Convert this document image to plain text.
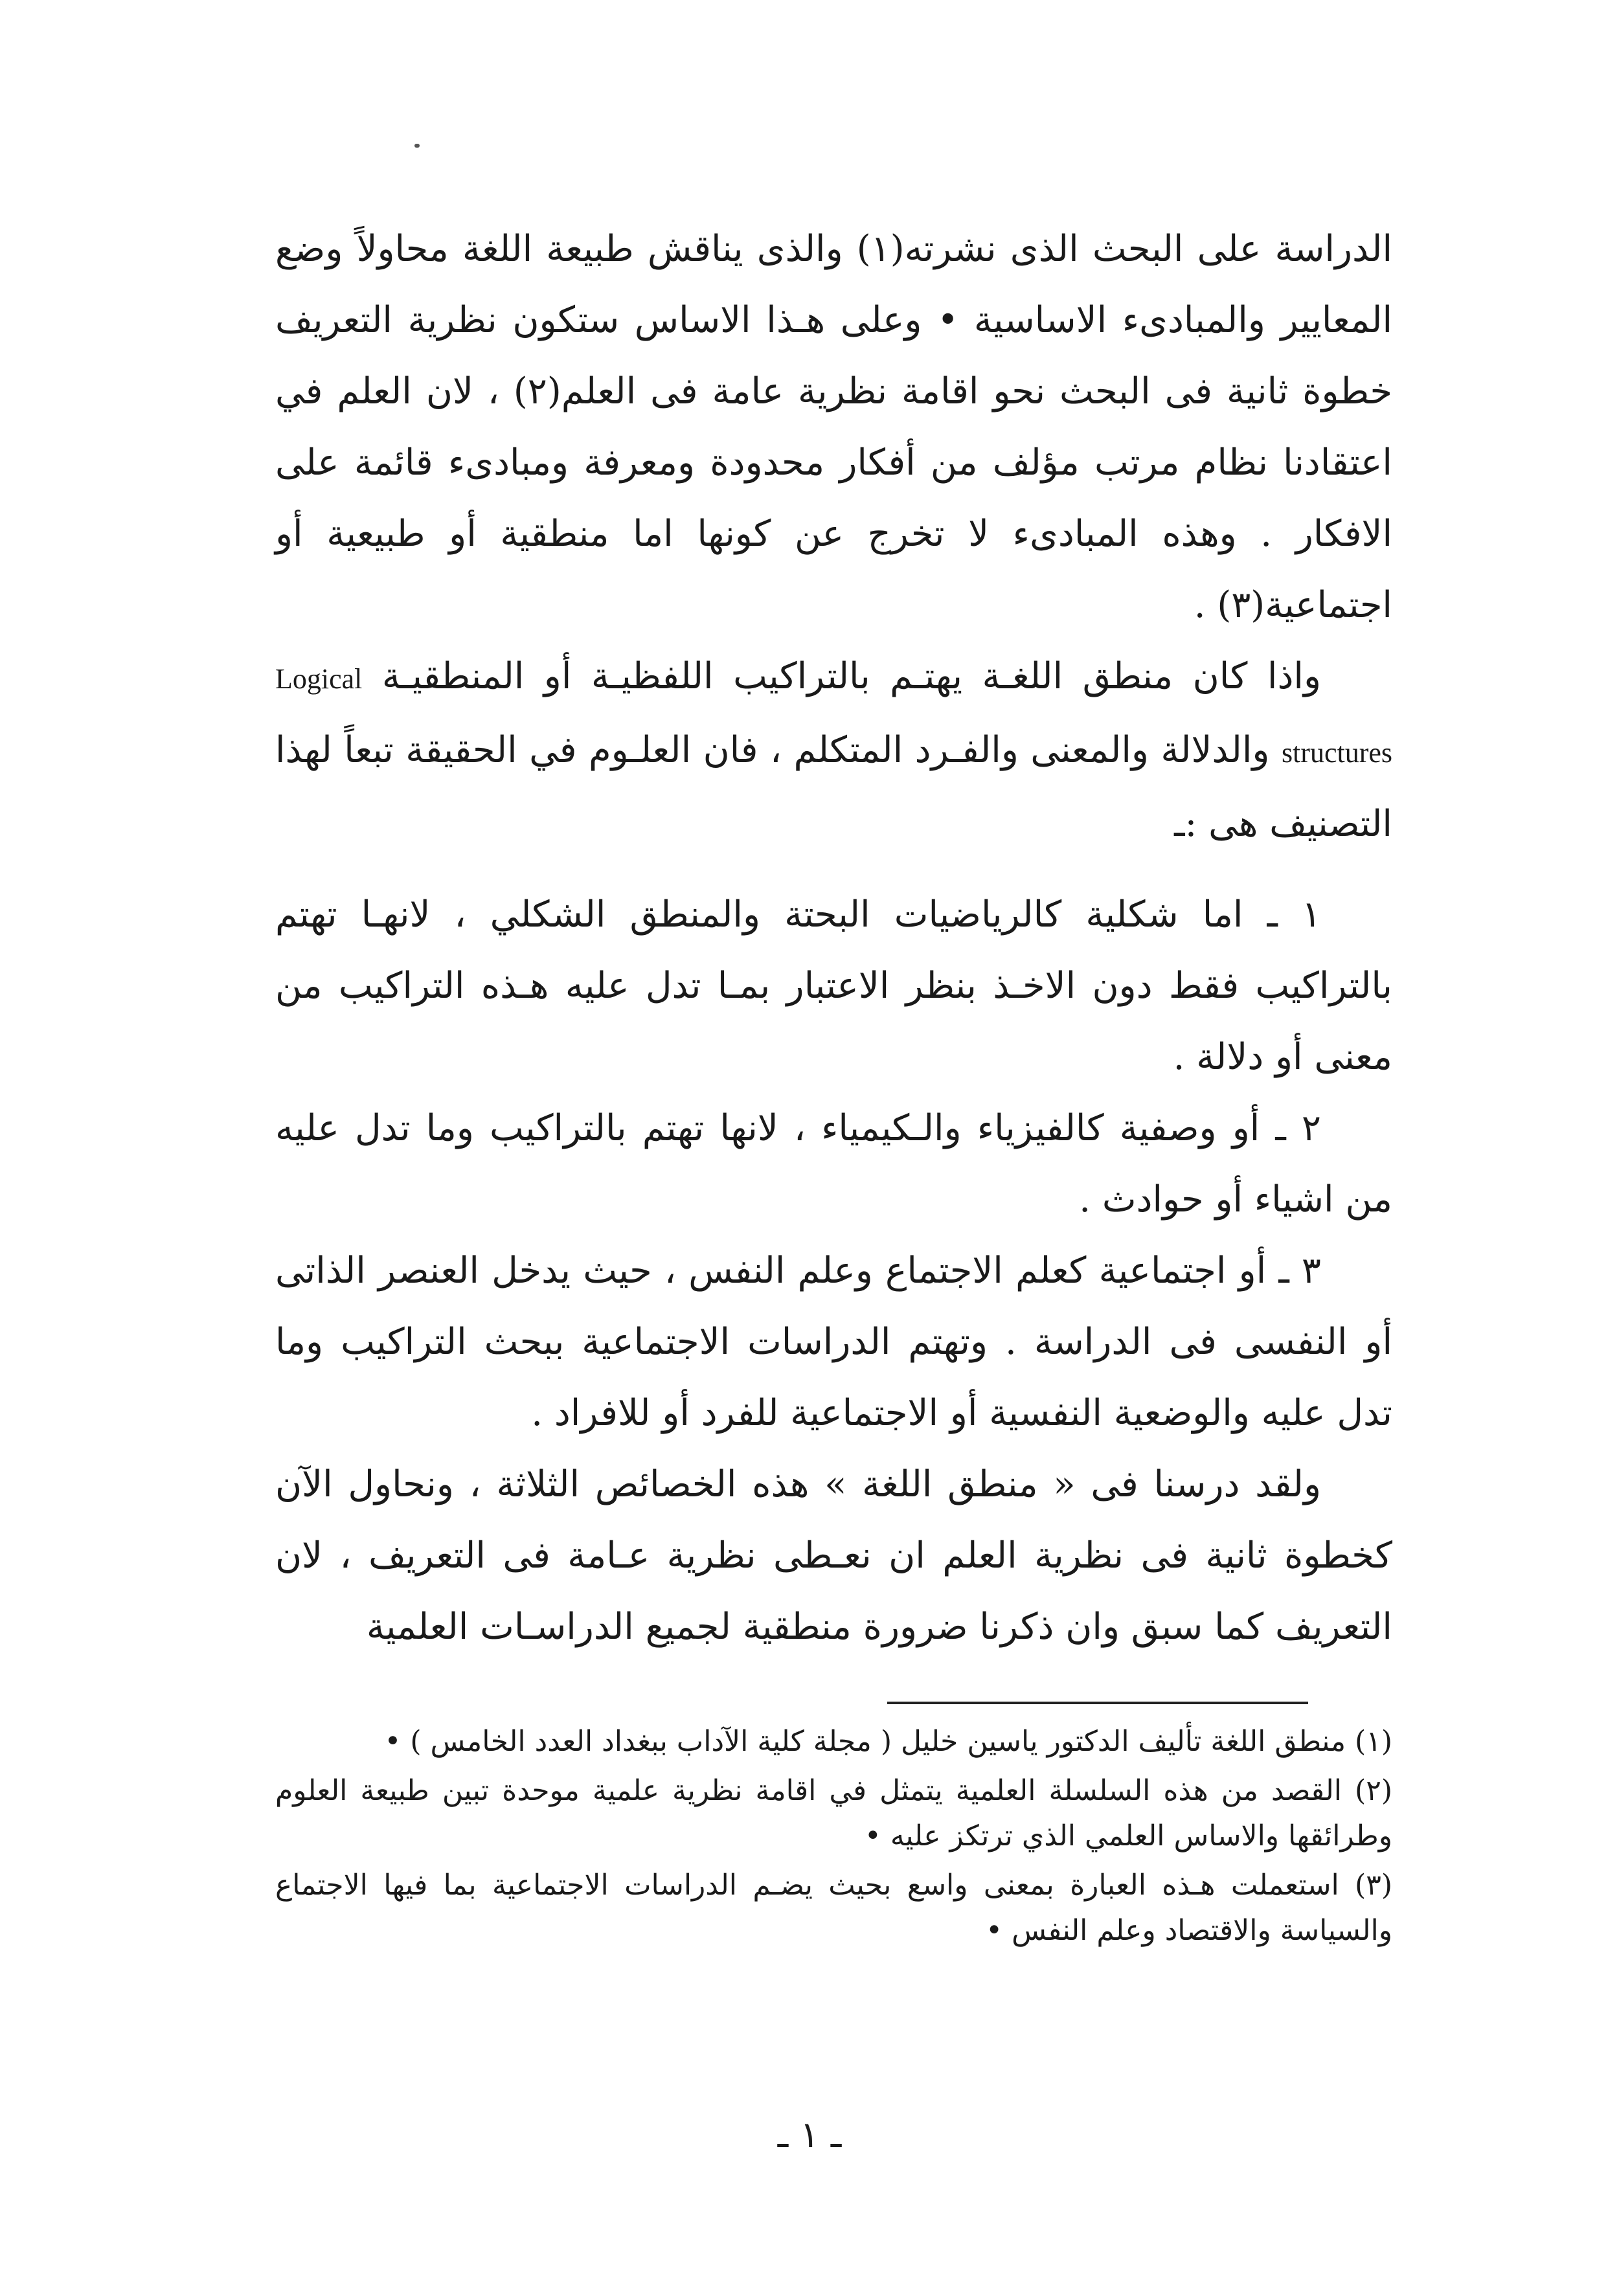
الدراسة على البحث الذى نشرته(١) والذى يناقش طبيعة اللغة محاولاً وضع المعايير والمبادىء الاساسية • وعلى هـذا الاساس ستكون نظرية التعريف خطوة ثانية فى البحث نحو اقامة نظرية عامة فى العلم(٢) ، لان العلم في اعتقادنا نظام مرتب مؤلف من أفكار محدودة ومعرفة ومبادىء قائمة على الافكار . وهذه المبادىء لا تخرج عن كونها اما منطقية أو طبيعية أو اجتماعية(٣) .

واذا كان منطق اللغـة يهتـم بالتراكيب اللفظيـة أو المنطقيـة Logical structures والدلالة والمعنى والفـرد المتكلم ، فان العلـوم في الحقيقة تبعاً لهذا التصنيف هى :ـ

١ ـ اما شكلية كالرياضيات البحتة والمنطق الشكلي ، لانهـا تهتم بالتراكيب فقط دون الاخـذ بنظر الاعتبار بمـا تدل عليه هـذه التراكيب من معنى أو دلالة .

٢ ـ أو وصفية كالفيزياء والـكيمياء ، لانها تهتم بالتراكيب وما تدل عليه من اشياء أو حوادث .

٣ ـ أو اجتماعية كعلم الاجتماع وعلم النفس ، حيث يدخل العنصر الذاتى أو النفسى فى الدراسة . وتهتم الدراسات الاجتماعية ببحث التراكيب وما تدل عليه والوضعية النفسية أو الاجتماعية للفرد أو للافراد .

ولقد درسنا فى « منطق اللغة » هذه الخصائص الثلاثة ، ونحاول الآن كخطوة ثانية فى نظرية العلم ان نعـطى نظرية عـامة فى التعريف ، لان التعريف كما سبق وان ذكرنا ضرورة منطقية لجميع الدراسـات العلمية

(١) منطق اللغة تأليف الدكتور ياسين خليل ( مجلة كلية الآداب ببغداد العدد الخامس ) •

(٢) القصد من هذه السلسلة العلمية يتمثل في اقامة نظرية علمية موحدة تبين طبيعة العلوم وطرائقها والاساس العلمي الذي ترتكز عليه •

(٣) استعملت هـذه العبارة بمعنى واسع بحيث يضـم الدراسات الاجتماعية بما فيها الاجتماع والسياسة والاقتصاد وعلم النفس •

ـ ١ ـ
